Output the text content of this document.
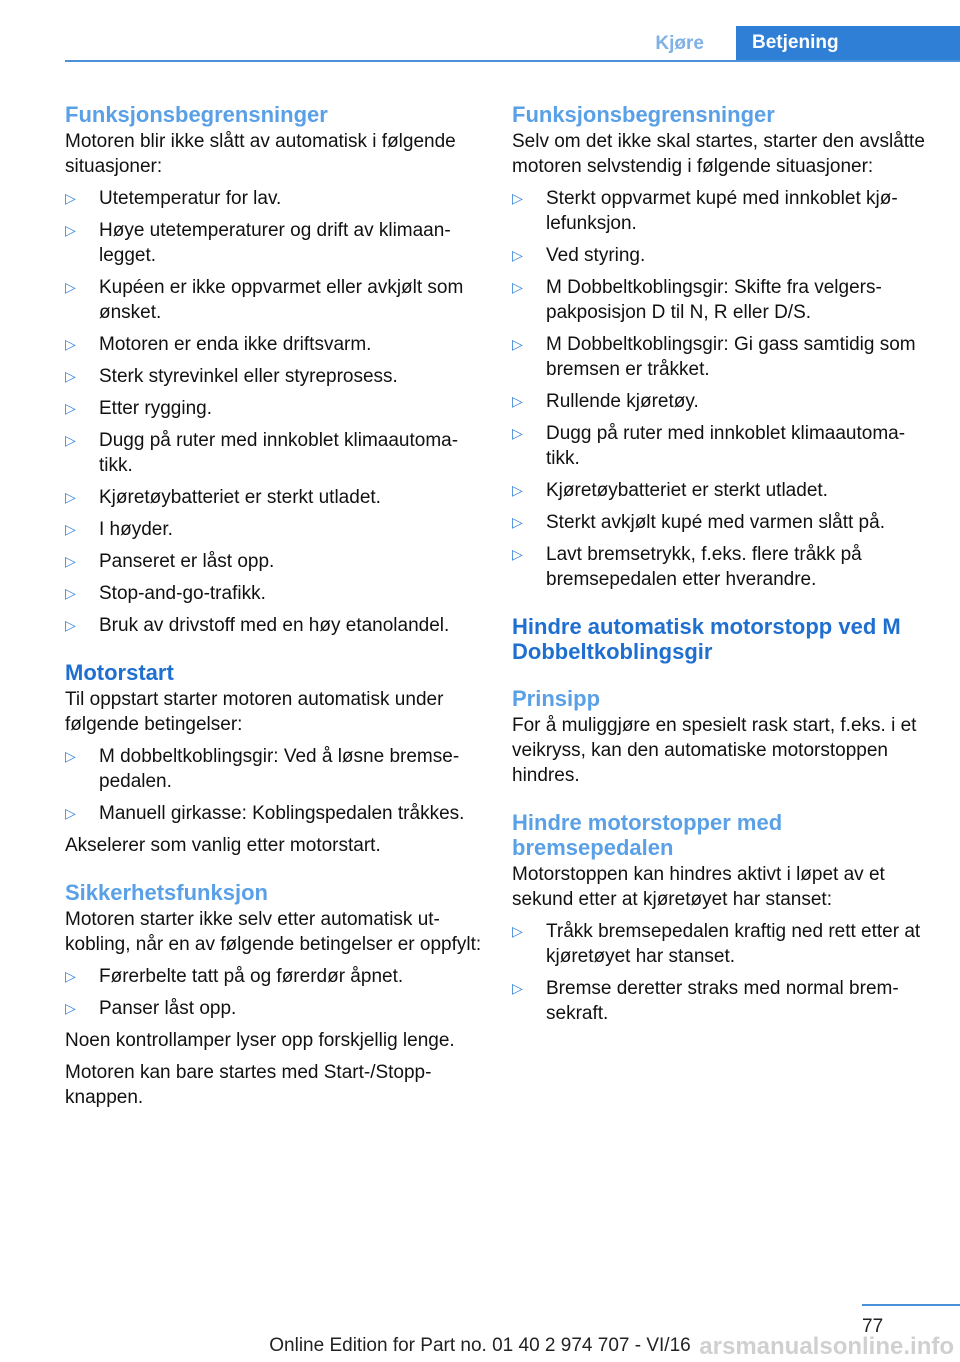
Kjøre	Betjening
Funksjonsbegrensninger

Motoren blir ikke slått av automatisk i følgende situasjoner:

▷ Utetemperatur for lav.
▷ Høye utetemperaturer og drift av klimaanlegget.
▷ Kupéen er ikke oppvarmet eller avkjølt som ønsket.
▷ Motoren er enda ikke driftsvarm.
▷ Sterk styrevinkel eller styreprosess.
▷ Etter rygging.
▷ Dugg på ruter med innkoblet klimaautomatikk.
▷ Kjøretøybatteriet er sterkt utladet.
▷ I høyder.
▷ Panseret er låst opp.
▷ Stop-and-go-trafikk.
▷ Bruk av drivstoff med en høy etanolandel.
Motorstart

Til oppstart starter motoren automatisk under følgende betingelser:

▷ M dobbeltkoblingsgir: Ved å løsne bremsepedalen.
▷ Manuell girkasse: Koblingspedalen tråkkes.

Akselerer som vanlig etter motorstart.

Sikkerhetsfunksjon

Motoren starter ikke selv etter automatisk utkobling, når en av følgende betingelser er oppfylt:

▷ Førerbelte tatt på og førerdør åpnet.
▷ Panser låst opp.

Noen kontrollamper lyser opp forskjellig lenge.

Motoren kan bare startes med Start-/Stopp-knappen.

Funksjonsbegrensninger

Selv om det ikke skal startes, starter den avslåtte motoren selvstendig i følgende situasjoner:

▷ Sterkt oppvarmet kupé med innkoblet kjølefunksjon.
▷ Ved styring.
▷ M Dobbeltkoblingsgir: Skifte fra velgerspakposisjon D til N, R eller D/S.
▷ M Dobbeltkoblingsgir: Gi gass samtidig som bremsen er tråkket.
▷ Rullende kjøretøy.
▷ Dugg på ruter med innkoblet klimaautomatikk.
▷ Kjøretøybatteriet er sterkt utladet.
▷ Sterkt avkjølt kupé med varmen slått på.
▷ Lavt bremsetrykk, f.eks. flere tråkk på bremsepedalen etter hverandre.
Hindre automatisk motorstopp ved M Dobbeltkoblingsgir
Prinsipp

For å muliggjøre en spesielt rask start, f.eks. i et veikryss, kan den automatiske motorstoppen hindres.

Hindre motorstopper med bremsepedalen

Motorstoppen kan hindres aktivt i løpet av et sekund etter at kjøretøyet har stanset:

▷ Tråkk bremsepedalen kraftig ned rett etter at kjøretøyet har stanset.
▷ Bremse deretter straks med normal bremsekraft.
77
Online Edition for Part no. 01 40 2 974 707 - VI/16 arsmanualsonline.info
